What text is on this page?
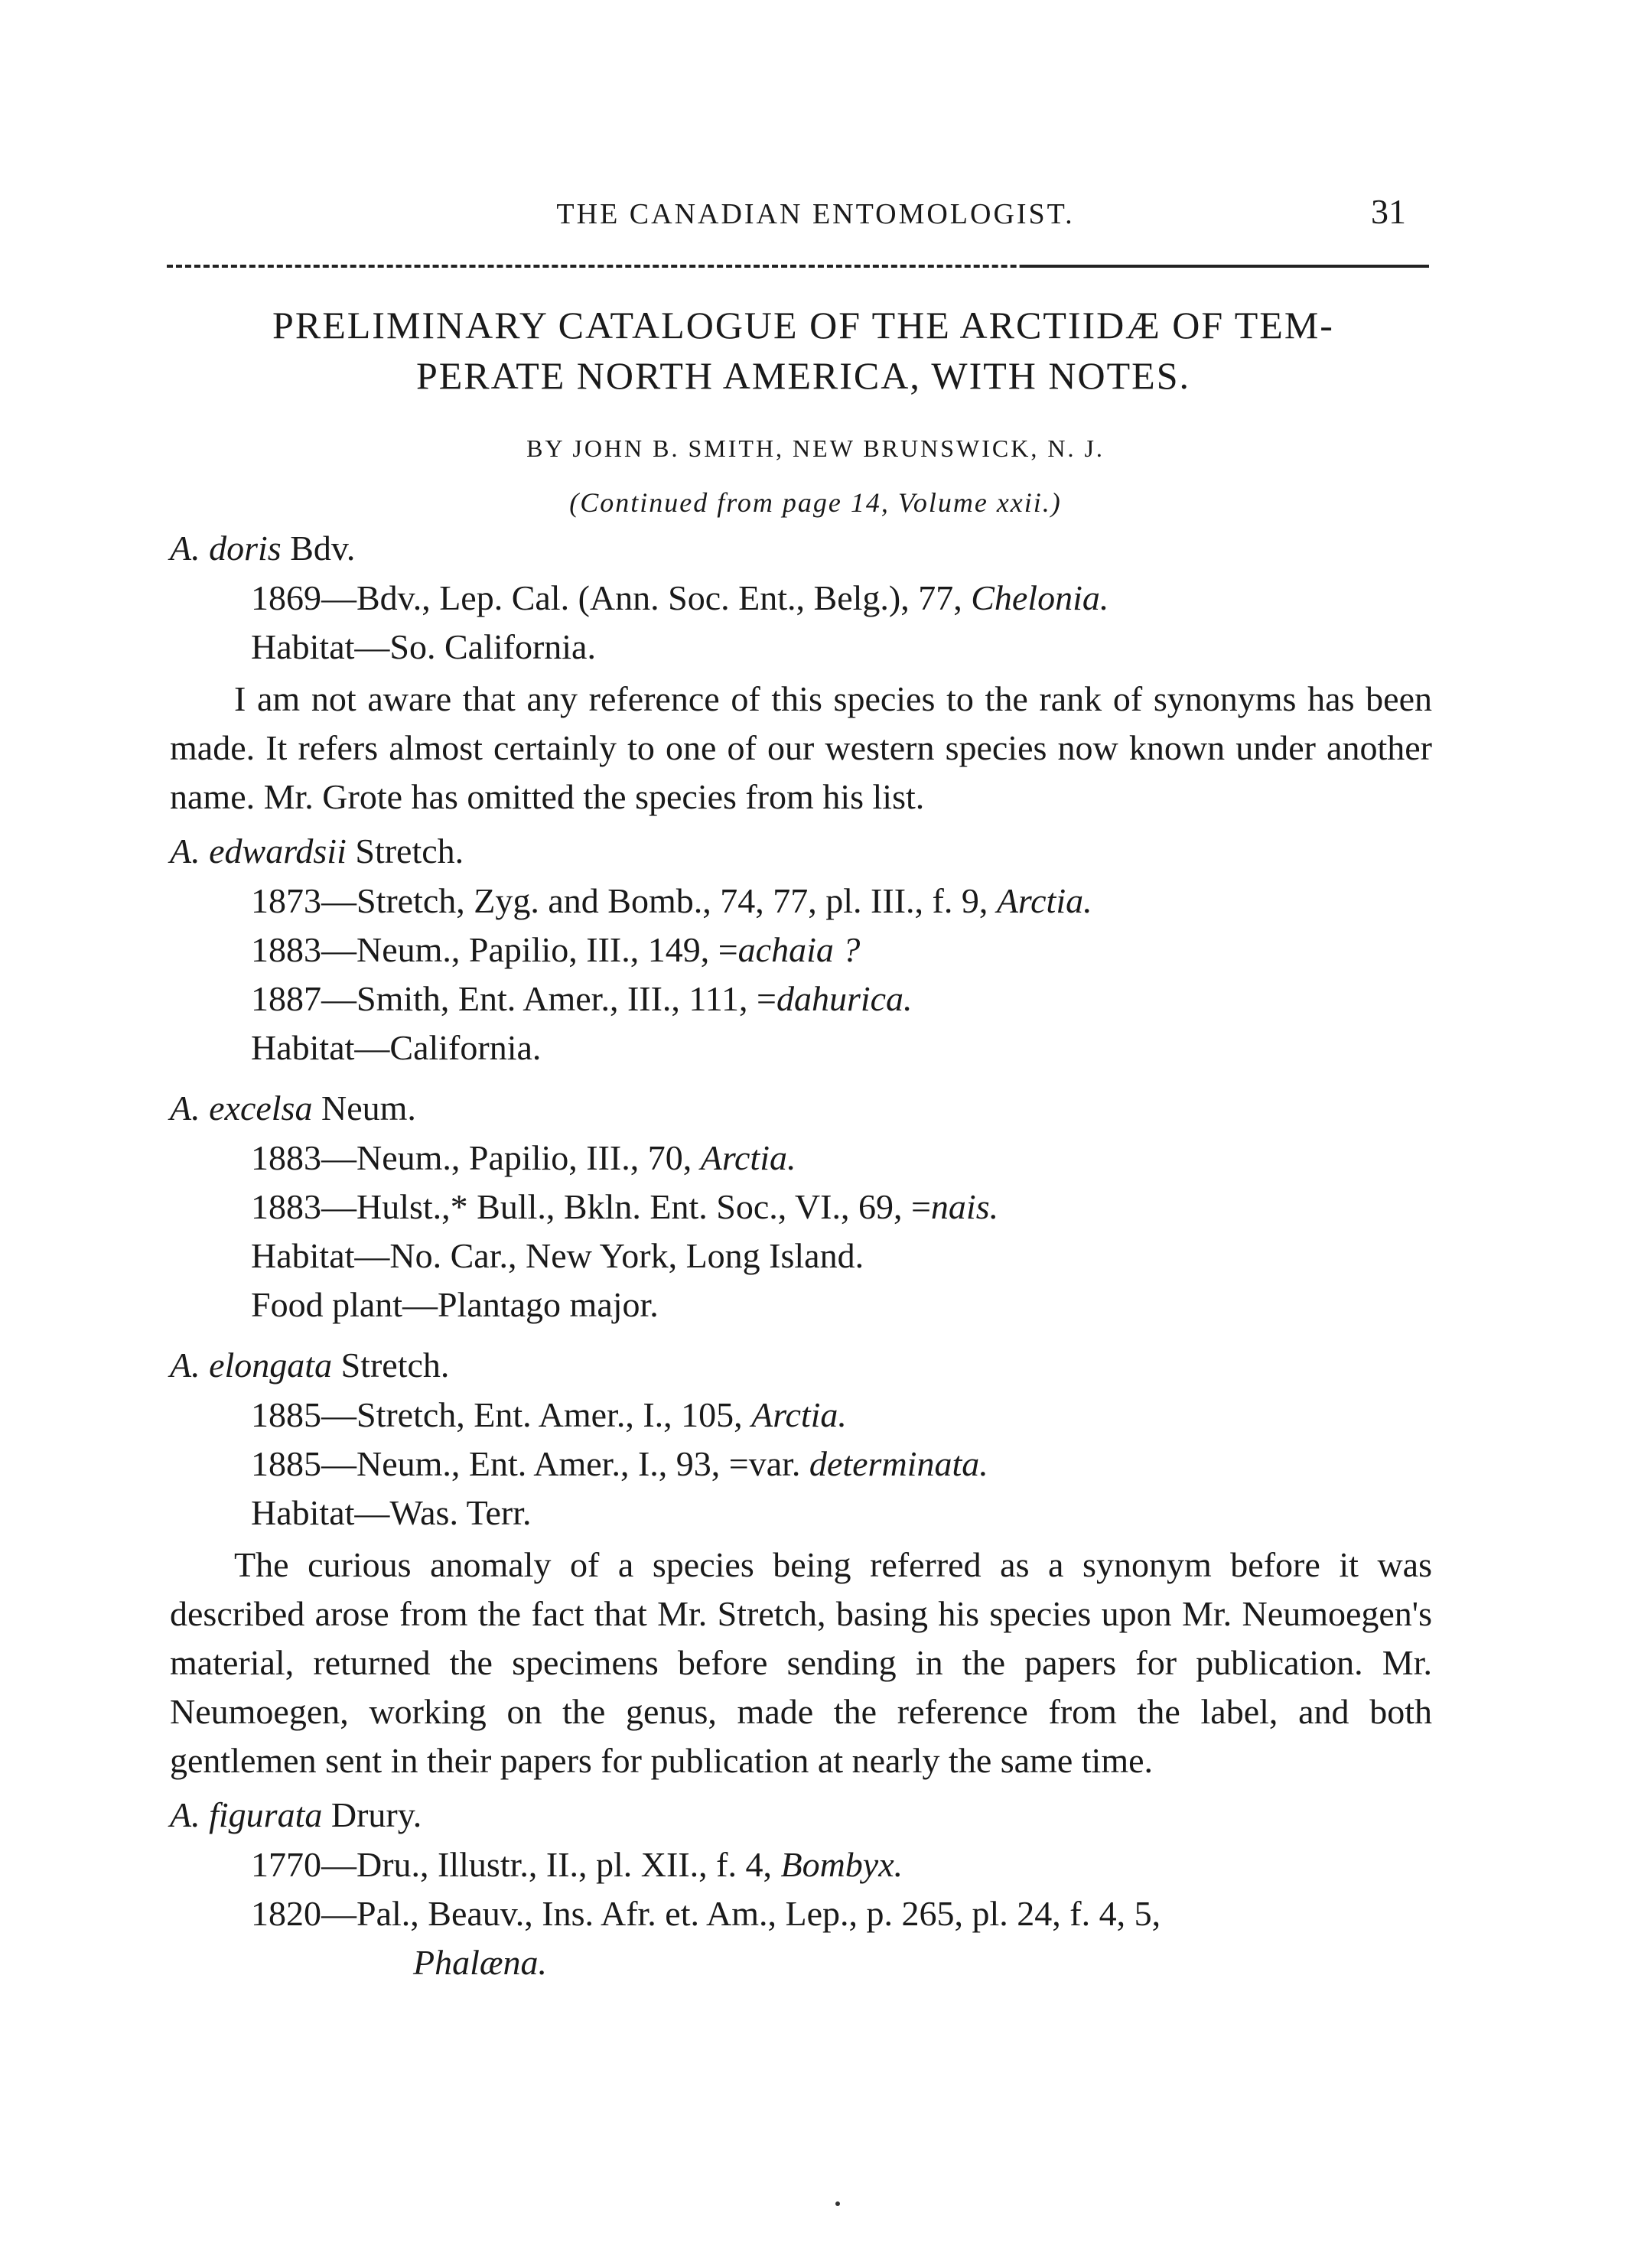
THE CANADIAN ENTOMOLOGIST.	31
PRELIMINARY CATALOGUE OF THE ARCTIIDÆ OF TEM-
PERATE NORTH AMERICA, WITH NOTES.
BY JOHN B. SMITH, NEW BRUNSWICK, N. J.
(Continued from page 14, Volume xxii.)
A. doris Bdv.
1869—Bdv., Lep. Cal. (Ann. Soc. Ent., Belg.), 77, Chelonia.
Habitat—So. California.
I am not aware that any reference of this species to the rank of synonyms has been made. It refers almost certainly to one of our western species now known under another name. Mr. Grote has omitted the species from his list.
A. edwardsii Stretch.
1873—Stretch, Zyg. and Bomb., 74, 77, pl. III., f. 9, Arctia.
1883—Neum., Papilio, III., 149, =achaia ?
1887—Smith, Ent. Amer., III., 111, =dahurica.
Habitat—California.
A. excelsa Neum.
1883—Neum., Papilio, III., 70, Arctia.
1883—Hulst.,* Bull., Bkln. Ent. Soc., VI., 69, =nais.
Habitat—No. Car., New York, Long Island.
Food plant—Plantago major.
A. elongata Stretch.
1885—Stretch, Ent. Amer., I., 105, Arctia.
1885—Neum., Ent. Amer., I., 93, =var. determinata.
Habitat—Was. Terr.
The curious anomaly of a species being referred as a synonym before it was described arose from the fact that Mr. Stretch, basing his species upon Mr. Neumoegen's material, returned the specimens before sending in the papers for publication. Mr. Neumoegen, working on the genus, made the reference from the label, and both gentlemen sent in their papers for publication at nearly the same time.
A. figurata Drury.
1770—Dru., Illustr., II., pl. XII., f. 4, Bombyx.
1820—Pal., Beauv., Ins. Afr. et. Am., Lep., p. 265, pl. 24, f. 4, 5,
Phalæna.
